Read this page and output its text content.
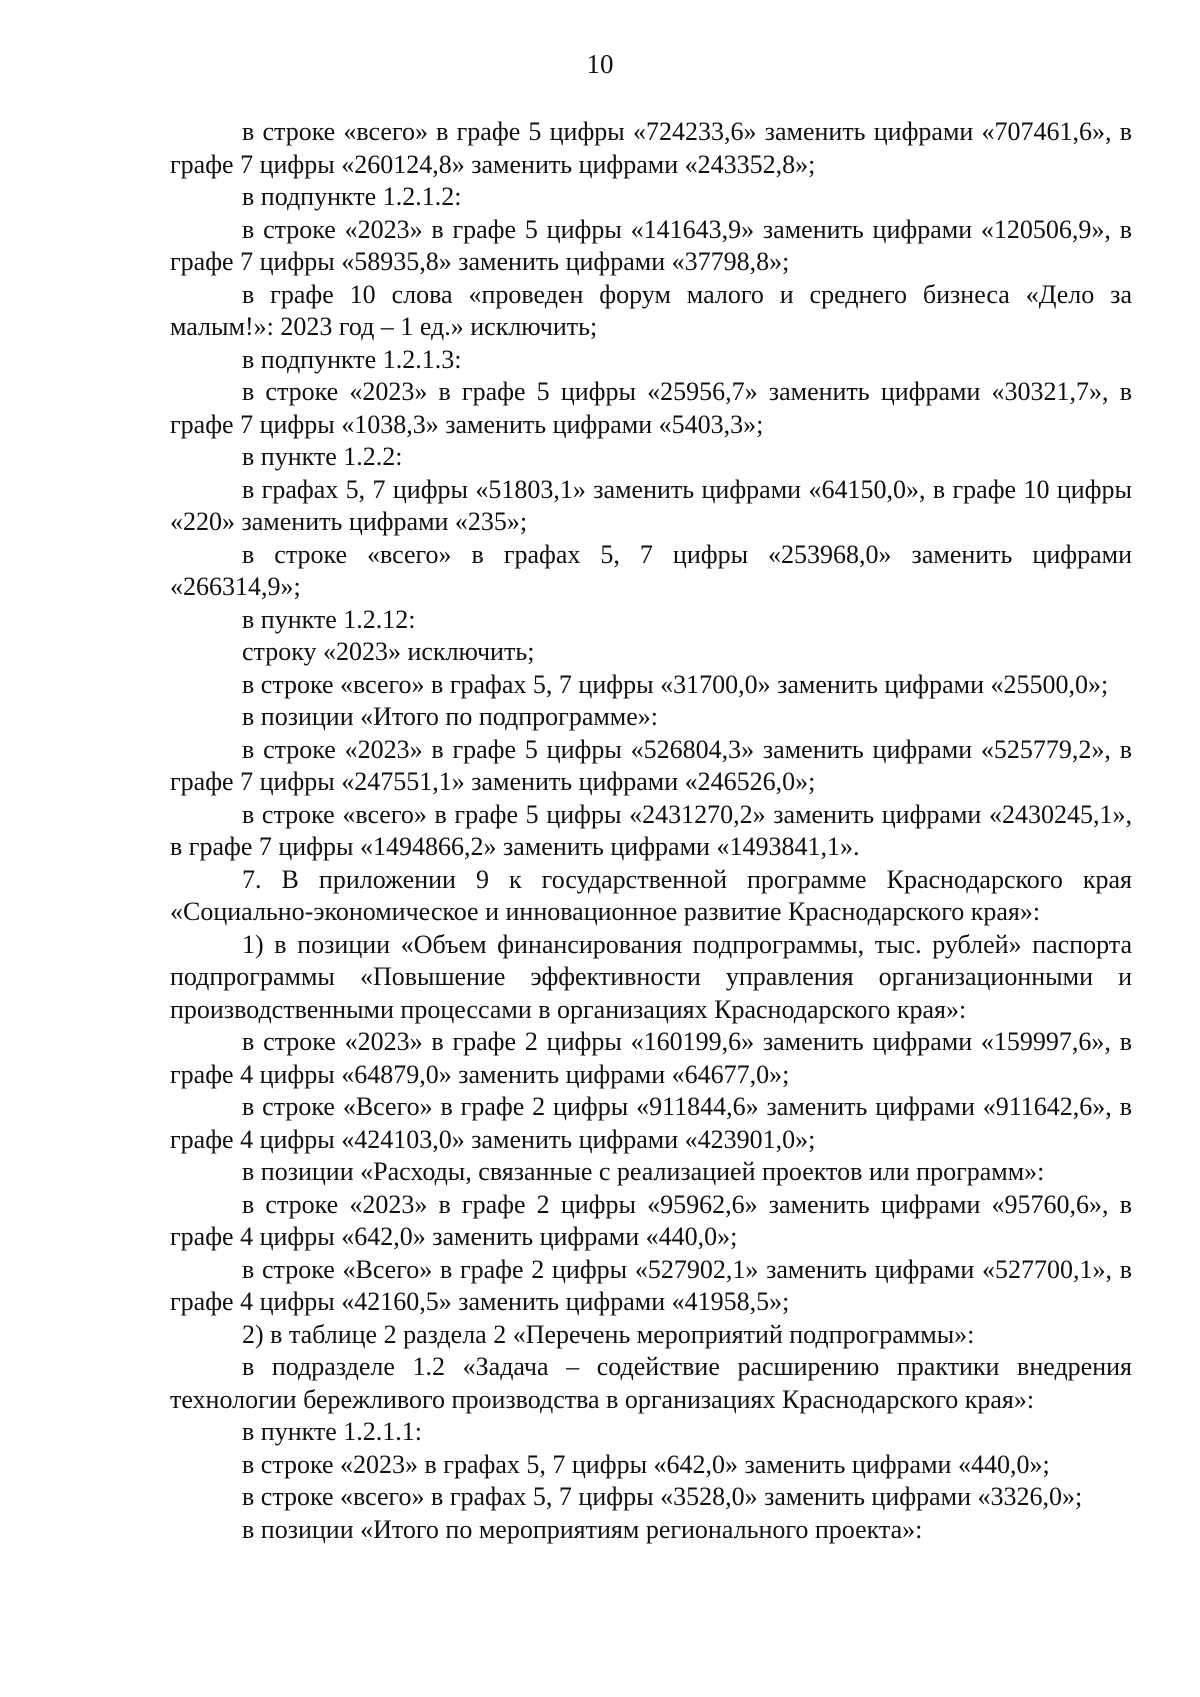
10

в строке «всего» в графе 5 цифры «724233,6» заменить цифрами «707461,6», в графе 7 цифры «260124,8» заменить цифрами «243352,8»;

в подпункте 1.2.1.2:

в строке «2023» в графе 5 цифры «141643,9» заменить цифрами «120506,9», в графе 7 цифры «58935,8» заменить цифрами «37798,8»;

в графе 10 слова «проведен форум малого и среднего бизнеса «Дело за малым!»: 2023 год – 1 ед.» исключить;

в подпункте 1.2.1.3:

в строке «2023» в графе 5 цифры «25956,7» заменить цифрами «30321,7», в графе 7 цифры «1038,3» заменить цифрами «5403,3»;

в пункте 1.2.2:

в графах 5, 7 цифры «51803,1» заменить цифрами «64150,0», в графе 10 цифры «220» заменить цифрами «235»;

в строке «всего» в графах 5, 7 цифры «253968,0» заменить цифрами «266314,9»;

в пункте 1.2.12:

строку «2023» исключить;

в строке «всего» в графах 5, 7 цифры «31700,0» заменить цифрами «25500,0»;

в позиции «Итого по подпрограмме»:

в строке «2023» в графе 5 цифры «526804,3» заменить цифрами «525779,2», в графе 7 цифры «247551,1» заменить цифрами «246526,0»;

в строке «всего» в графе 5 цифры «2431270,2» заменить цифрами «2430245,1», в графе 7 цифры «1494866,2» заменить цифрами «1493841,1».

7. В приложении 9 к государственной программе Краснодарского края «Социально-экономическое и инновационное развитие Краснодарского края»:

1) в позиции «Объем финансирования подпрограммы, тыс. рублей» паспорта подпрограммы «Повышение эффективности управления организационными и производственными процессами в организациях Краснодарского края»:

в строке «2023» в графе 2 цифры «160199,6» заменить цифрами «159997,6», в графе 4 цифры «64879,0» заменить цифрами «64677,0»;

в строке «Всего» в графе 2 цифры «911844,6» заменить цифрами «911642,6», в графе 4 цифры «424103,0» заменить цифрами «423901,0»;

в позиции «Расходы, связанные с реализацией проектов или программ»:

в строке «2023» в графе 2 цифры «95962,6» заменить цифрами «95760,6», в графе 4 цифры «642,0» заменить цифрами «440,0»;

в строке «Всего» в графе 2 цифры «527902,1» заменить цифрами «527700,1», в графе 4 цифры «42160,5» заменить цифрами «41958,5»;

2) в таблице 2 раздела 2 «Перечень мероприятий подпрограммы»:

в подразделе 1.2 «Задача – содействие расширению практики внедрения технологии бережливого производства в организациях Краснодарского края»:

в пункте 1.2.1.1:

в строке «2023» в графах 5, 7 цифры «642,0» заменить цифрами «440,0»;

в строке «всего» в графах 5, 7 цифры «3528,0» заменить цифрами «3326,0»;

в позиции «Итого по мероприятиям регионального проекта»:
